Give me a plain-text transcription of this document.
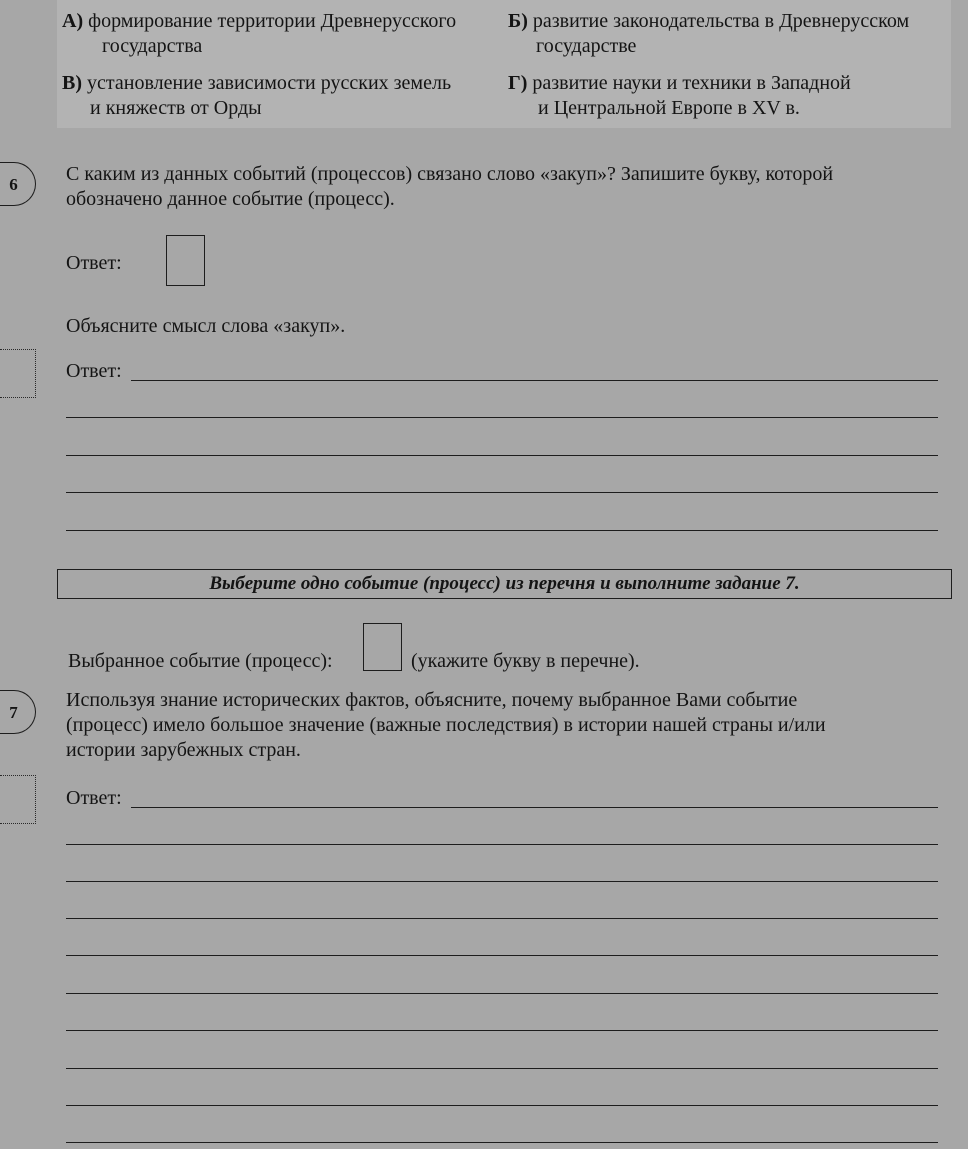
А) формирование территории Древнерусского
государства
Б) развитие законодательства в Древнерусском
государстве
В) установление зависимости русских земель
и княжеств от Орды
Г) развитие науки и техники в Западной
и Центральной Европе в XV в.
6	С каким из данных событий (процессов) связано слово «закуп»? Запишите букву, которой
обозначено данное событие (процесс).
Ответ:
Объясните смысл слова «закуп».
Ответ:
Выберите одно событие (процесс) из перечня и выполните задание 7.
Выбранное событие (процесс):	(укажите букву в перечне).
7
Используя знание исторических фактов, объясните, почему выбранное Вами событие
(процесс) имело большое значение (важные последствия) в истории нашей страны и/или
истории зарубежных стран.
Ответ:
